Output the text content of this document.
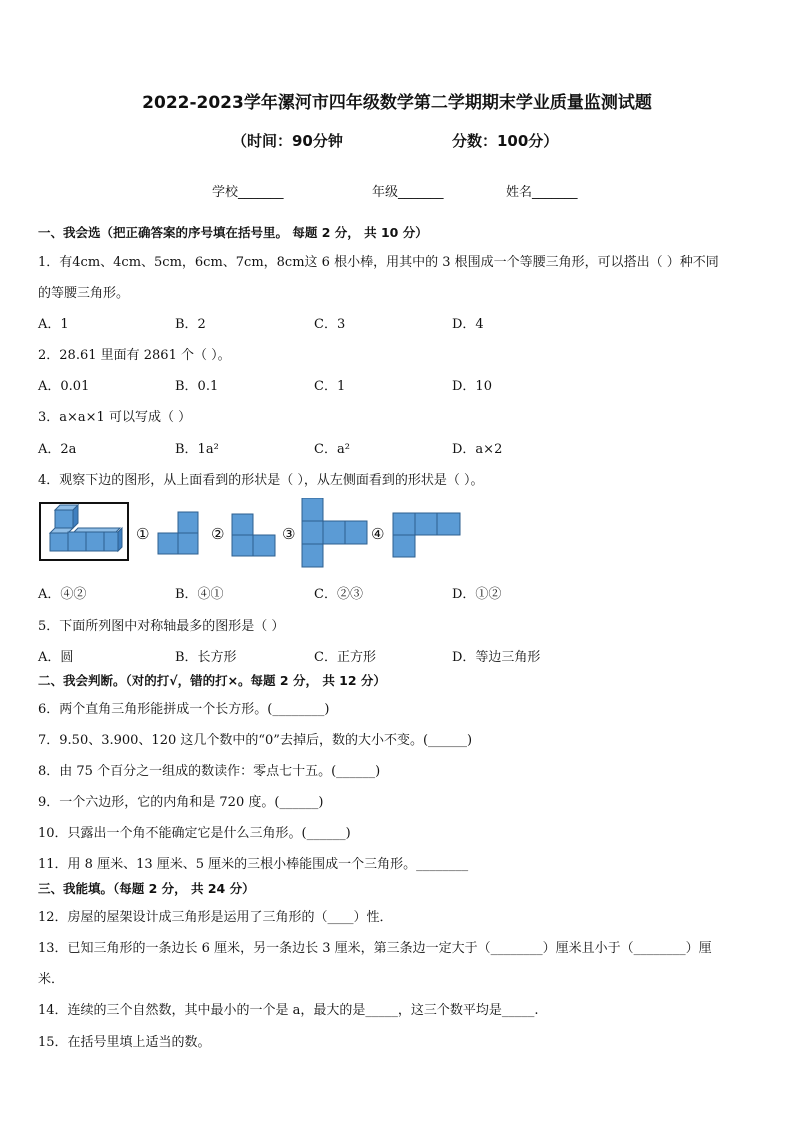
2022-2023学年漯河市四年级数学第二学期期末学业质量监测试题
（时间：90分钟	分数：100分）
学校_______	年级_______	姓名_______
一、我会选（把正确答案的序号填在括号里。 每题 2 分， 共 10 分）
1．有4cm、4cm、5cm，6cm、7cm，8cm这 6 根小棒，用其中的 3 根围成一个等腰三角形，可以搭出（ ）种不同
的等腰三角形。
A．1	B．2	C．3	D．4
2．28.61 里面有 2861 个（ ）。
A．0.01	B．0.1	C．1	D．10
3．a×a×1 可以写成（ ）
A．2a	B．1a²	C．a²	D．a×2
4．观察下边的图形，从上面看到的形状是（ ），从左侧面看到的形状是（ ）。
①	②	③	④
A．④②	B．④①	C．②③	D．①②
5．下面所列图中对称轴最多的图形是（ ）
A．圆	B．长方形	C．正方形	D．等边三角形
二、我会判断。（对的打√，错的打×。每题 2 分， 共 12 分）
6．两个直角三角形能拼成一个长方形。(________)
7．9.50、3.900、120 这几个数中的“0”去掉后，数的大小不变。(______)
8．由 75 个百分之一组成的数读作：零点七十五。(______)
9．一个六边形，它的内角和是 720 度。(______)
10．只露出一个角不能确定它是什么三角形。(______)
11．用 8 厘米、13 厘米、5 厘米的三根小棒能围成一个三角形。________
三、我能填。（每题 2 分， 共 24 分）
12．房屋的屋架设计成三角形是运用了三角形的（____）性．
13．已知三角形的一条边长 6 厘米，另一条边长 3 厘米，第三条边一定大于（________）厘米且小于（________）厘
米．
14．连续的三个自然数，其中最小的一个是 a，最大的是_____，这三个数平均是_____.
15．在括号里填上适当的数。
